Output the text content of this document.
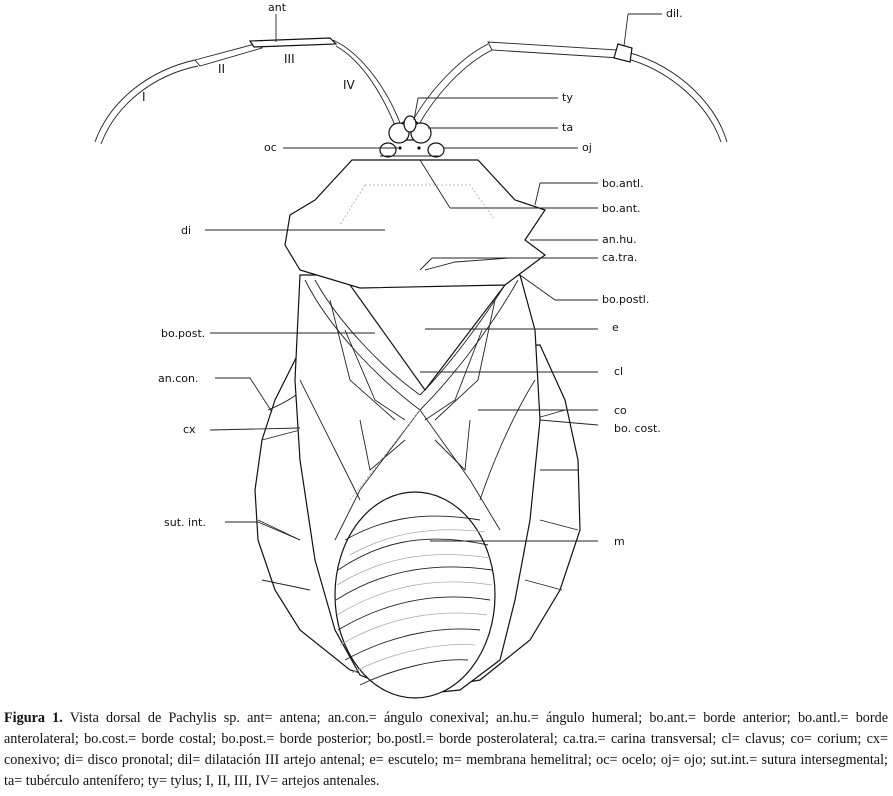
ant	dil.
ty
ta
oc	oj
bo.antl.
bo.ant.
di
an.hu.
ca.tra.
bo.postl.
bo.post.	e
an.con.
cl
co
cx	bo. cost.
sut. int.
m
I
II
III
IV
Figura 1. Vista dorsal de Pachylis sp. ant= antena; an.con.= ángulo conexival; an.hu.= ángulo humeral; bo.ant.= borde anterior; bo.antl.= borde anterolateral; bo.cost.= borde costal; bo.post.= borde posterior; bo.postl.= borde posterolateral; ca.tra.= carina transversal; cl= clavus; co= corium; cx= conexivo; di= disco pronotal; dil= dilatación III artejo antenal; e= escutelo; m= membrana hemelitral; oc= ocelo; oj= ojo; sut.int.= sutura intersegmental; ta= tubérculo antenífero; ty= tylus; I, II, III, IV= artejos antenales.
